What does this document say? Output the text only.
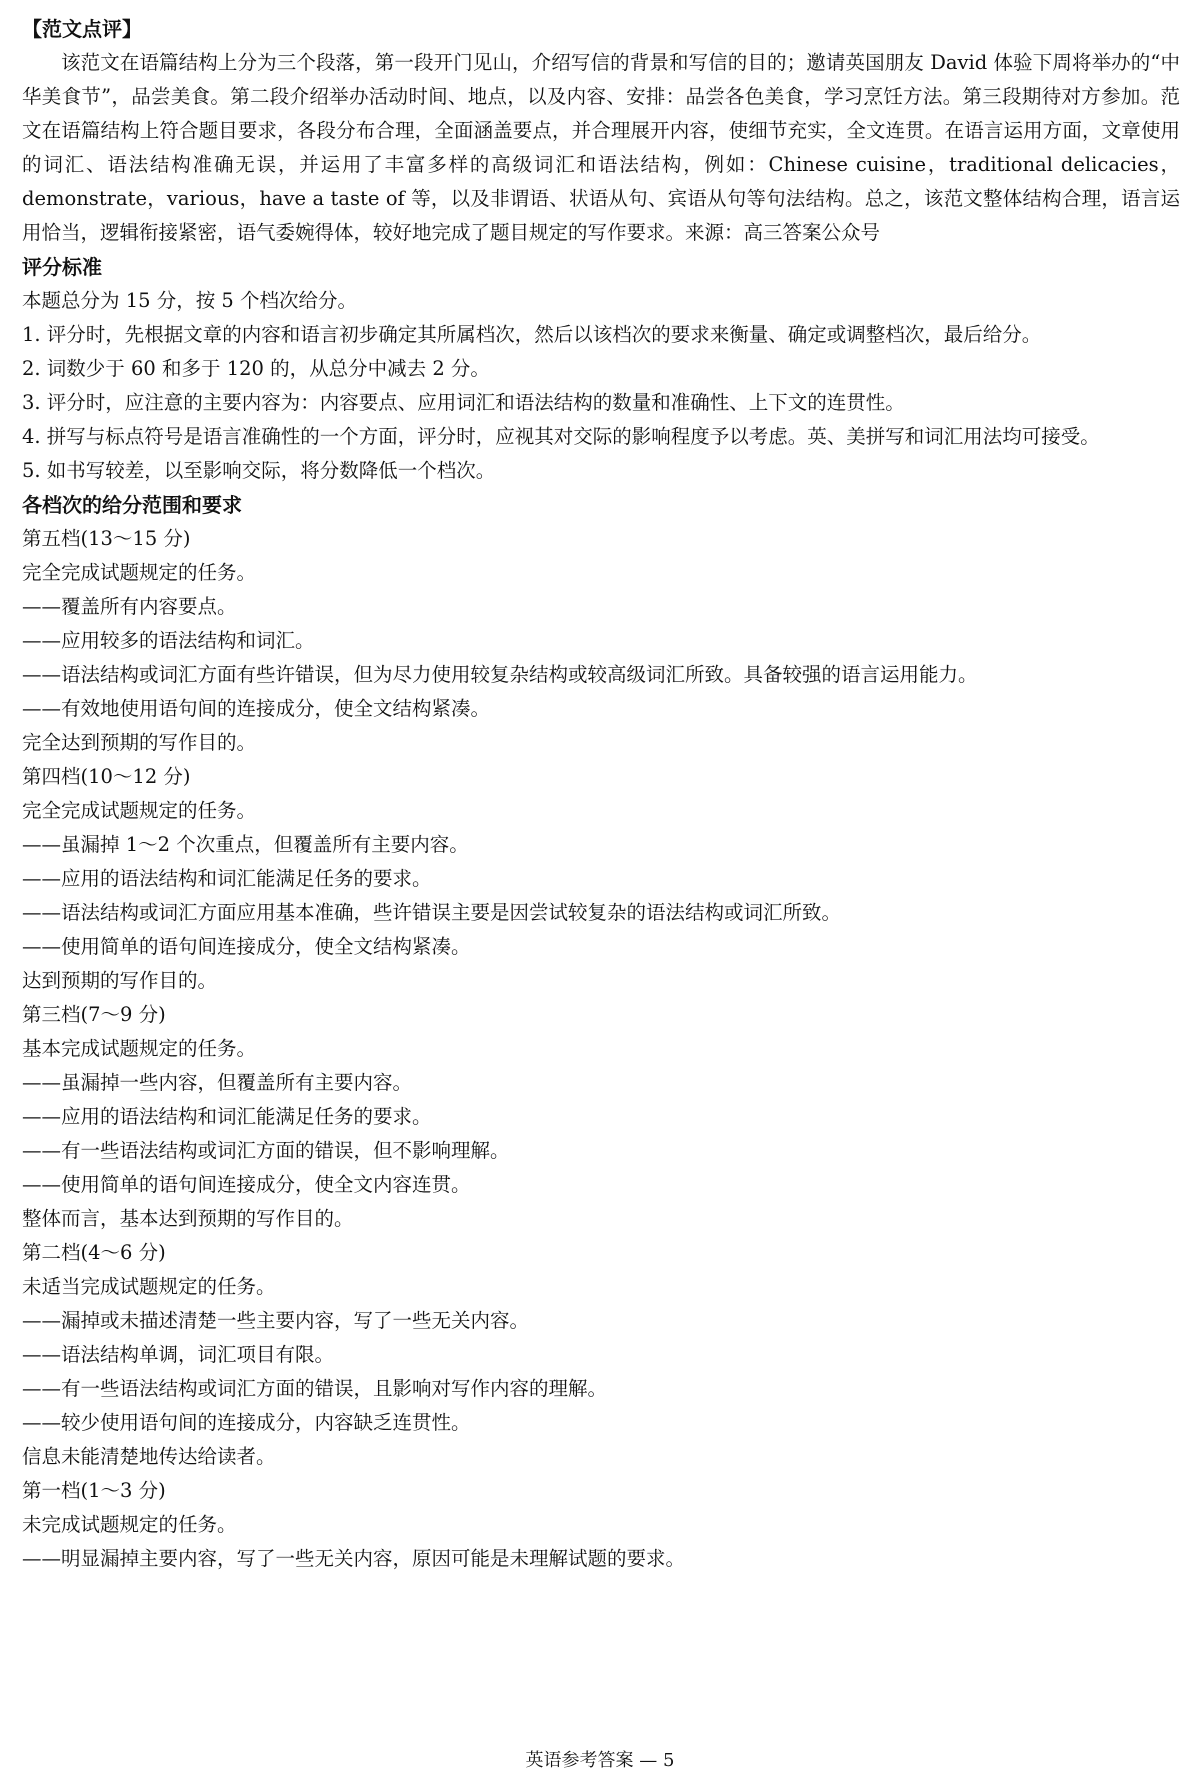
【范文点评】

该范文在语篇结构上分为三个段落，第一段开门见山，介绍写信的背景和写信的目的；邀请英国朋友 David 体验下周将举办的“中华美食节”，品尝美食。第二段介绍举办活动时间、地点，以及内容、安排：品尝各色美食，学习烹饪方法。第三段期待对方参加。范文在语篇结构上符合题目要求，各段分布合理，全面涵盖要点，并合理展开内容，使细节充实，全文连贯。在语言运用方面，文章使用的词汇、语法结构准确无误，并运用了丰富多样的高级词汇和语法结构，例如：Chinese cuisine，traditional delicacies，demonstrate，various，have a taste of 等，以及非谓语、状语从句、宾语从句等句法结构。总之，该范文整体结构合理，语言运用恰当，逻辑衔接紧密，语气委婉得体，较好地完成了题目规定的写作要求。来源：高三答案公众号

评分标准
本题总分为 15 分，按 5 个档次给分。
1. 评分时，先根据文章的内容和语言初步确定其所属档次，然后以该档次的要求来衡量、确定或调整档次，最后给分。
2. 词数少于 60 和多于 120 的，从总分中减去 2 分。
3. 评分时，应注意的主要内容为：内容要点、应用词汇和语法结构的数量和准确性、上下文的连贯性。
4. 拼写与标点符号是语言准确性的一个方面，评分时，应视其对交际的影响程度予以考虑。英、美拼写和词汇用法均可接受。
5. 如书写较差，以至影响交际，将分数降低一个档次。
各档次的给分范围和要求
第五档(13～15 分)
完全完成试题规定的任务。
——覆盖所有内容要点。
——应用较多的语法结构和词汇。
——语法结构或词汇方面有些许错误，但为尽力使用较复杂结构或较高级词汇所致。具备较强的语言运用能力。
——有效地使用语句间的连接成分，使全文结构紧凑。
完全达到预期的写作目的。
第四档(10～12 分)
完全完成试题规定的任务。
——虽漏掉 1～2 个次重点，但覆盖所有主要内容。
——应用的语法结构和词汇能满足任务的要求。
——语法结构或词汇方面应用基本准确，些许错误主要是因尝试较复杂的语法结构或词汇所致。
——使用简单的语句间连接成分，使全文结构紧凑。
达到预期的写作目的。
第三档(7～9 分)
基本完成试题规定的任务。
——虽漏掉一些内容，但覆盖所有主要内容。
——应用的语法结构和词汇能满足任务的要求。
——有一些语法结构或词汇方面的错误，但不影响理解。
——使用简单的语句间连接成分，使全文内容连贯。
整体而言，基本达到预期的写作目的。
第二档(4～6 分)
未适当完成试题规定的任务。
——漏掉或未描述清楚一些主要内容，写了一些无关内容。
——语法结构单调，词汇项目有限。
——有一些语法结构或词汇方面的错误，且影响对写作内容的理解。
——较少使用语句间的连接成分，内容缺乏连贯性。
信息未能清楚地传达给读者。
第一档(1～3 分)
未完成试题规定的任务。
——明显漏掉主要内容，写了一些无关内容，原因可能是未理解试题的要求。
英语参考答案 — 5
